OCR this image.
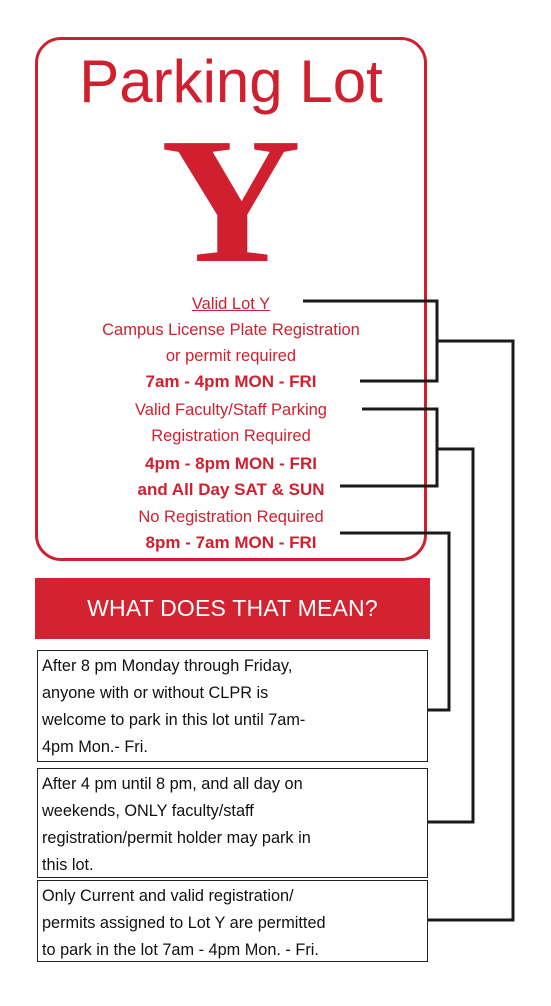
Parking Lot
Y
Valid Lot Y
Campus License Plate Registration
or permit required
7am - 4pm MON - FRI
Valid Faculty/Staff Parking
Registration Required
4pm - 8pm MON - FRI
and All Day SAT & SUN
No Registration Required
8pm - 7am MON - FRI
WHAT DOES THAT MEAN?
After 8 pm Monday through Friday,
anyone with or without CLPR is
welcome to park in this lot until 7am-
4pm Mon.- Fri.
After 4 pm until 8 pm, and all day on
weekends, ONLY faculty/staff
registration/permit holder may park in
this lot.
Only Current and valid registration/
permits assigned to Lot Y are permitted
to park in the lot 7am - 4pm Mon. - Fri.
